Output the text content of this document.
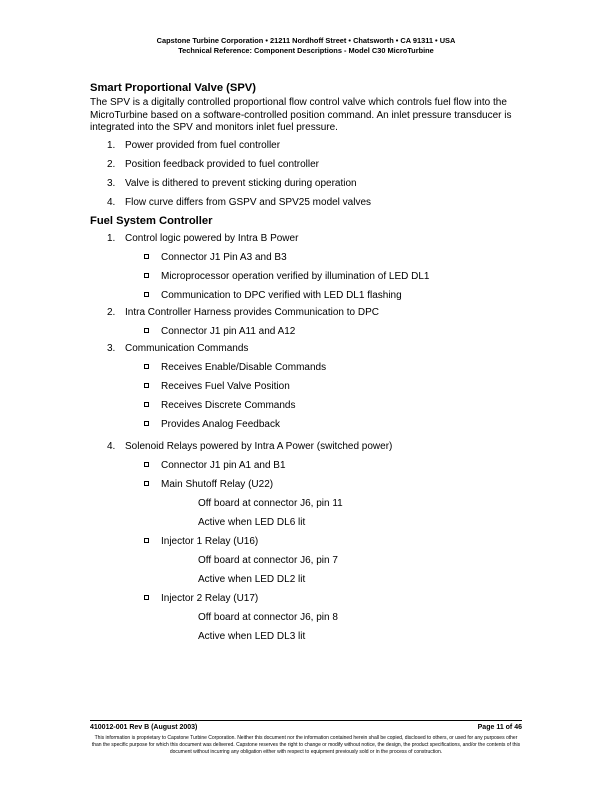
Capstone Turbine Corporation • 21211 Nordhoff Street • Chatsworth • CA 91311 • USA
Technical Reference: Component Descriptions - Model C30 MicroTurbine
Smart Proportional Valve (SPV)

The SPV is a digitally controlled proportional flow control valve which controls fuel flow into the MicroTurbine based on a software-controlled position command. An inlet pressure transducer is integrated into the SPV and monitors inlet fuel pressure.

1. Power provided from fuel controller
2. Position feedback provided to fuel controller
3. Valve is dithered to prevent sticking during operation
4. Flow curve differs from GSPV and SPV25 model valves
Fuel System Controller
1. Control logic powered by Intra B Power
Connector J1 Pin A3 and B3
Microprocessor operation verified by illumination of LED DL1
Communication to DPC verified with LED DL1 flashing
2. Intra Controller Harness provides Communication to DPC
Connector J1 pin A11 and A12
3. Communication Commands
Receives Enable/Disable Commands
Receives Fuel Valve Position
Receives Discrete Commands
Provides Analog Feedback
4. Solenoid Relays powered by Intra A Power (switched power)
Connector J1 pin A1 and B1
Main Shutoff Relay (U22)
Off board at connector J6, pin 11
Active when LED DL6 lit
Injector 1 Relay (U16)
Off board at connector J6, pin 7
Active when LED DL2 lit
Injector 2 Relay (U17)
Off board at connector J6, pin 8
Active when LED DL3 lit
410012-001 Rev B (August 2003)	Page 11 of 46
This information is proprietary to Capstone Turbine Corporation. Neither this document nor the information contained herein shall be copied, disclosed to others, or used for any purposes other than the specific purpose for which this document was delivered. Capstone reserves the right to change or modify without notice, the design, the product specifications, and/or the contents of this document without incurring any obligation either with respect to equipment previously sold or in the process of construction.
